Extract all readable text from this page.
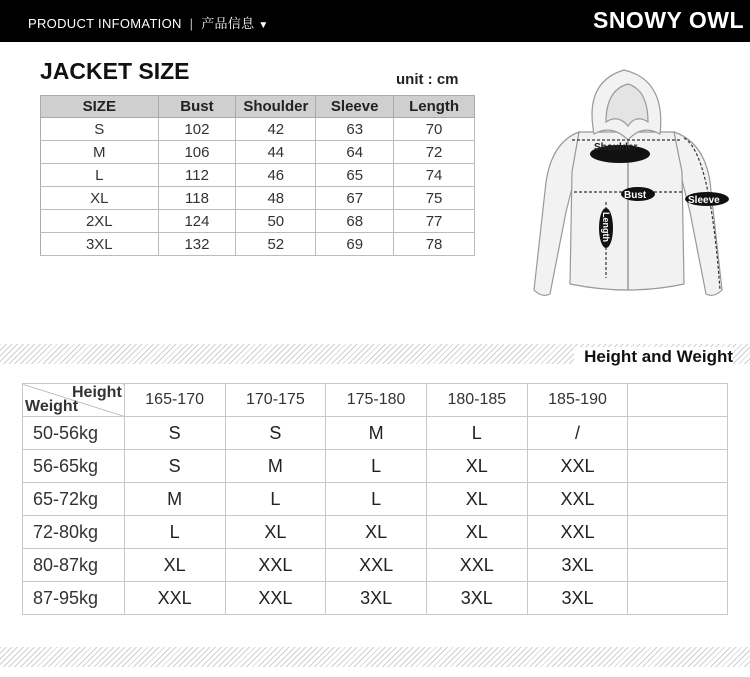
PRODUCT INFOMATION | 产品信息 ▼	SNOWY OWL
JACKET SIZE	unit : cm
SIZE	Bust	Shoulder	Sleeve	Length
S	102	42	63	70
M	106	44	64	72
L	112	46	65	74
XL	118	48	67	75
2XL	124	50	68	77
3XL	132	52	69	78
Shoulder
Bust	Sleeve
Length
Height and Weight
Height
Weight	165-170	170-175	175-180	180-185	185-190	
50-56kg	S	S	M	L	/	
56-65kg	S	M	L	XL	XXL	
65-72kg	M	L	L	XL	XXL	
72-80kg	L	XL	XL	XL	XXL	
80-87kg	XL	XXL	XXL	XXL	3XL	
87-95kg	XXL	XXL	3XL	3XL	3XL	
